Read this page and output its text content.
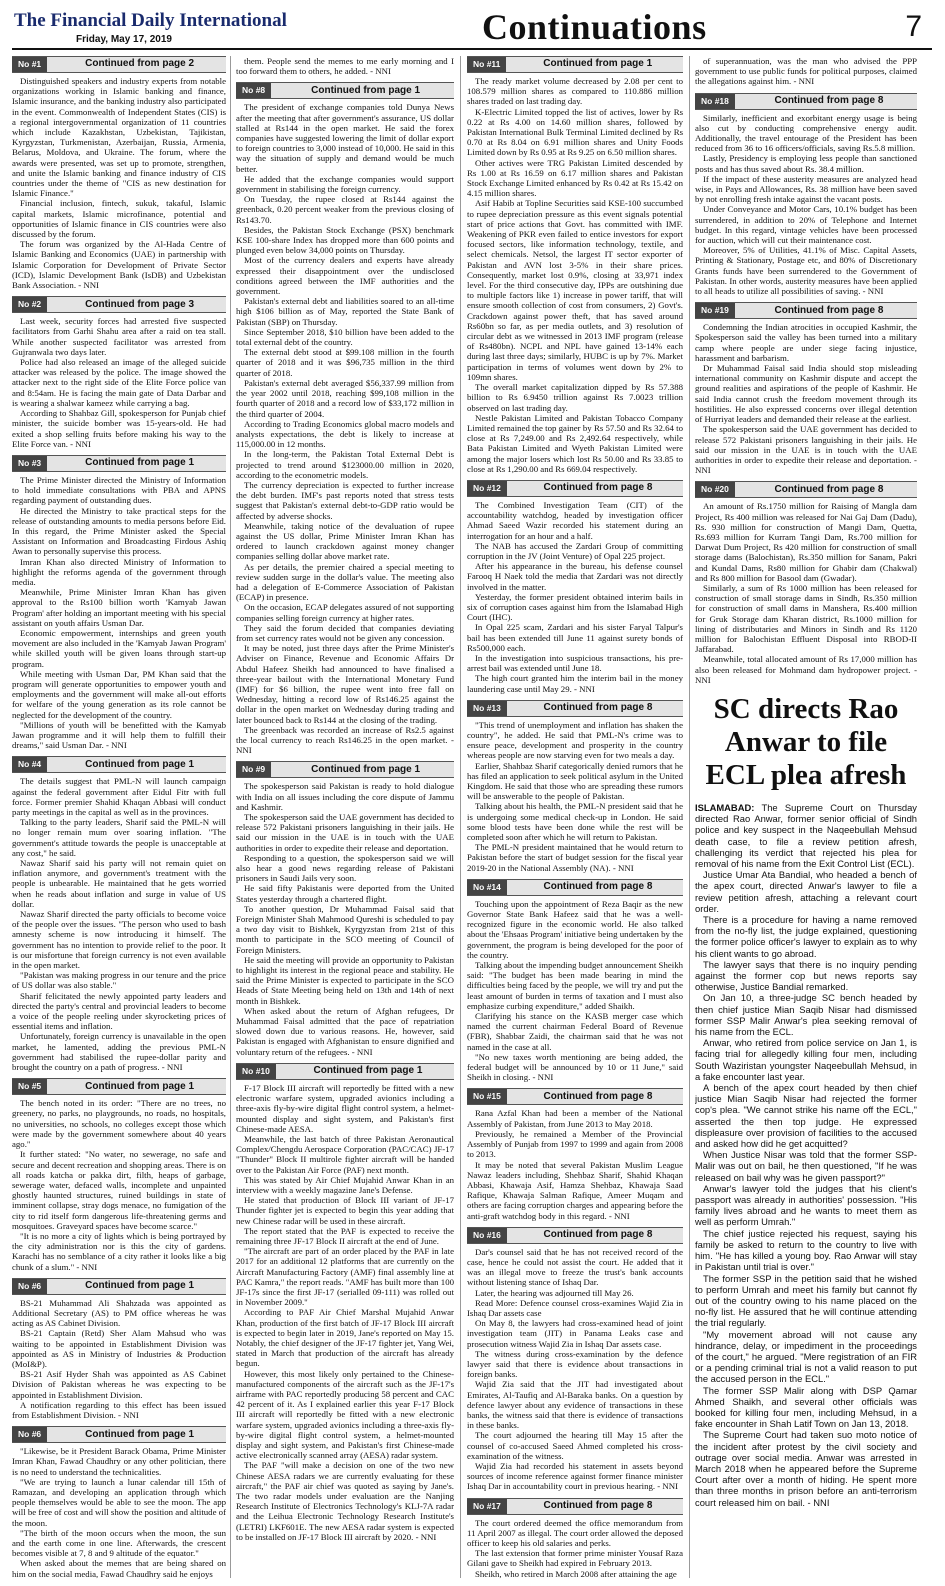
The Financial Daily International
Friday, May 17, 2019	Continuations	7
No #1	Continued from page 2

Distinguished speakers and industry experts from notable organizations working in Islamic banking and finance, Islamic insurance, and the banking industry also participated in the event. Commonwealth of Independent States (CIS) is a regional intergovernmental organization of 11 countries which include Kazakhstan, Uzbekistan, Tajikistan, Kyrgyzstan, Turkmenistan, Azerbaijan, Russia, Armenia, Belarus, Moldova, and Ukraine. The forum, where the awards were presented, was set up to promote, strengthen, and unite the Islamic banking and finance industry of CIS countries under the theme of "CIS as new destination for Islamic Finance."

Financial inclusion, fintech, sukuk, takaful, Islamic capital markets, Islamic microfinance, potential and opportunities of Islamic finance in CIS countries were also discussed by the forum.

The forum was organized by the Al-Hada Centre of Islamic Banking and Economics (UAE) in partnership with Islamic Corporation for Development of Private Sector (ICD), Islamic Development Bank (IsDB) and Uzbekistan Bank Association. - NNI

No #2	Continued from page 3

Last week, security forces had arrested five suspected facilitators from Garhi Shahu area after a raid on tea stall. While another suspected facilitator was arrested from Gujranwala two days later.

Police had also released an image of the alleged suicide attacker was released by the police. The image showed the attacker next to the right side of the Elite Force police van and 8:54am. He is facing the main gate of Data Darbar and is wearing a shalwar kameez while carrying a bag.

According to Shahbaz Gill, spokesperson for Punjab chief minister, the suicide bomber was 15-years-old. He had exited a shop selling fruits before making his way to the Elite Force van. - NNI

No #3	Continued from page 1

The Prime Minister directed the Ministry of Information to hold immediate consultations with PBA and APNS regarding payment of outstanding dues.

He directed the Ministry to take practical steps for the release of outstanding amounts to media persons before Eid. In this regard, the Prime Minister asked the Special Assistant on Information and Broadcasting Firdous Ashiq Awan to personally supervise this process.

Imran Khan also directed Ministry of Information to highlight the reforms agenda of the government through media.

Meanwhile, Prime Minister Imran Khan has given approval to the Rs100 billion worth 'Kamyab Jawan Program' after holding an important meeting with his special assistant on youth affairs Usman Dar.

Economic empowerment, internships and green youth movement are also included in the 'Kamyab Jawan Program' while skilled youth will be given loans through start-up program.

While meeting with Usman Dar, PM Khan said that the program will generate opportunities to empower youth and employments and the government will make all-out efforts for welfare of the young generation as its role cannot be neglected for the development of the country.

"Millions of youth will be benefitted with the Kamyab Jawan programme and it will help them to fulfill their dreams," said Usman Dar. - NNI

No #4	Continued from page 1

The details suggest that PML-N will launch campaign against the federal government after Eidul Fitr with full force. Former premier Shahid Khaqan Abbasi will conduct party meetings in the capital as well as in the provinces.

Talking to the party leaders, Sharif said the PML-N will no longer remain mum over soaring inflation. "The government's attitude towards the people is unacceptable at any cost," he said.

Nawaz Sharif said his party will not remain quiet on inflation anymore, and government's treatment with the people is unbearable. He maintained that he gets worried when he reads about inflation and surge in value of US dollar.

Nawaz Sharif directed the party officials to become voice of the people over the issues. "The person who used to bash amnesty scheme is now introducing it himself. The government has no intention to provide relief to the poor. It is our misfortune that foreign currency is not even available in the open market.

"Pakistan was making progress in our tenure and the price of US dollar was also stable."

Sharif felicitated the newly appointed party leaders and directed the party's central and provincial leaders to become a voice of the people reeling under skyrocketing prices of essential items and inflation.

Unfortunately, foreign currency is unavailable in the open market, he lamented, adding the previous PML-N government had stabilised the rupee-dollar parity and brought the country on a path of progress. - NNI

No #5	Continued from page 1

The bench noted in its order: "There are no trees, no greenery, no parks, no playgrounds, no roads, no hospitals, no universities, no schools, no colleges except those which were made by the government somewhere about 40 years ago."

It further stated: "No water, no sewerage, no safe and secure and decent recreation and shopping areas. There is on all roads katcha or pakka dirt, filth, heaps of garbage, sewerage water, defaced walls, incomplete and unpainted ghostly haunted structures, ruined buildings in state of imminent collapse, stray dogs menace, no fumigation of the city to rid itself form dangerous life-threatening germs and mosquitoes. Graveyard spaces have become scarce."

"It is no more a city of lights which is being portrayed by the city administration nor is this the city of gardens. Karachi has no semblance of a city rather it looks like a big chunk of a slum." - NNI

No #6	Continued from page 1

BS-21 Muhammad Ali Shahzada was appointed as Additional Secretary (AS) to PM office whereas he was acting as AS Cabinet Division.

BS-21 Captain (Retd) Sher Alam Mahsud who was waiting to be appointed in Establishment Division was appointed as AS in Ministry of Industries & Production (MoI&P).

BS-21 Asif Hyder Shah was appointed as AS Cabinet Division of Pakistan whereas he was expecting to be appointed in Establishment Division.

A notification regarding to this effect has been issued from Establishment Division. - NNI

No #6	Continued from page 1

"Likewise, be it President Barack Obama, Prime Minister Imran Khan, Fawad Chaudhry or any other politician, there is no need to understand the technicalities.

"We are trying to launch a lunar calendar till 15th of Ramazan, and developing an application through which people themselves would be able to see the moon. The app will be free of cost and will show the position and altitude of the moon.

"The birth of the moon occurs when the moon, the sun and the earth come in one line. Afterwards, the crescent becomes visible at 7, 8 and 9 altitude of the equator."

When asked about the memes that are being shared on him on the social media, Fawad Chaudhry said he enjoys

them. People send the memes to me early morning and I too forward them to others, he added. - NNI

No #8	Continued from page 1

The president of exchange companies told Dunya News after the meeting that after government's assurance, US dollar stalled at Rs144 in the open market. He said the forex companies have suggested lowering the limit of dollar export to foreign countries to 3,000 instead of 10,000. He said in this way the situation of supply and demand would be much better.

He added that the exchange companies would support government in stabilising the foreign currency.

On Tuesday, the rupee closed at Rs144 against the greenback, 0.20 percent weaker from the previous closing of Rs143.70.

Besides, the Pakistan Stock Exchange (PSX) benchmark KSE 100-share Index has dropped more than 600 points and plunged even below 34,000 points on Thursday.

Most of the currency dealers and experts have already expressed their disappointment over the undisclosed conditions agreed between the IMF authorities and the government.

Pakistan's external debt and liabilities soared to an all-time high $106 billion as of May, reported the State Bank of Pakistan (SBP) on Thursday.

Since September 2018, $10 billion have been added to the total external debt of the country.

The external debt stood at $99.108 million in the fourth quarter of 2018 and it was $96,735 million in the third quarter of 2018.

Pakistan's external debt averaged $56,337.99 million from the year 2002 until 2018, reaching $99,108 million in the fourth quarter of 2018 and a record low of $33,172 million in the third quarter of 2004.

According to Trading Economics global macro models and analysts expectations, the debt is likely to increase at 115,000.00 in 12 months.

In the long-term, the Pakistan Total External Debt is projected to trend around $123000.00 million in 2020, according to the econometric models.

The currency depreciation is expected to further increase the debt burden. IMF's past reports noted that stress tests suggest that Pakistan's external debt-to-GDP ratio would be affected by adverse shocks.

Meanwhile, taking notice of the devaluation of rupee against the US dollar, Prime Minister Imran Khan has ordered to launch crackdown against money changer companies selling dollar above market rate.

As per details, the premier chaired a special meeting to review sudden surge in the dollar's value. The meeting also had a delegation of E-Commerce Association of Pakistan (ECAP) in presence.

On the occasion, ECAP delegates assured of not supporting companies selling foreign currency at higher rates.

They said the forum decided that companies deviating from set currency rates would not be given any concession.

It may be noted, just three days after the Prime Minister's Adviser on Finance, Revenue and Economic Affairs Dr Abdul Hafeez Sheikh had announced to have finalised a three-year bailout with the International Monetary Fund (IMF) for $6 billion, the rupee went into free fall on Wednesday, hitting a record low of Rs146.25 against the dollar in the open market on Wednesday during trading and later bounced back to Rs144 at the closing of the trading.

The greenback was recorded an increase of Rs2.5 against the local currency to reach Rs146.25 in the open market. - NNI

No #9	Continued from page 1

The spokesperson said Pakistan is ready to hold dialogue with India on all issues including the core dispute of Jammu and Kashmir.

The spokesperson said the UAE government has decided to release 572 Pakistani prisoners languishing in their jails. He said our mission in the UAE is in touch with the UAE authorities in order to expedite their release and deportation.

Responding to a question, the spokesperson said we will also hear a good news regarding release of Pakistani prisoners in Saudi Jails very soon.

He said fifty Pakistanis were deported from the United States yesterday through a chartered flight.

To another question, Dr Muhammad Faisal said that Foreign Minister Shah Mahmood Qureshi is scheduled to pay a two day visit to Bishkek, Kyrgyzstan from 21st of this month to participate in the SCO meeting of Council of Foreign Ministers.

He said the meeting will provide an opportunity to Pakistan to highlight its interest in the regional peace and stability. He said the Prime Minister is expected to participate in the SCO Heads of State Meeting being held on 13th and 14th of next month in Bishkek.

When asked about the return of Afghan refugees, Dr Muhammad Faisal admitted that the pace of repatriation slowed down due to various reasons. He, however, said Pakistan is engaged with Afghanistan to ensure dignified and voluntary return of the refugees. - NNI

No #10	Continued from page 1

F-17 Block III aircraft will reportedly be fitted with a new electronic warfare system, upgraded avionics including a three-axis fly-by-wire digital flight control system, a helmet-mounted display and sight system, and Pakistan's first Chinese-made AESA.

Meanwhile, the last batch of three Pakistan Aeronautical Complex/Chengdu Aerospace Corporation (PAC/CAC) JF-17 "Thunder" Block II multirole fighter aircraft will be handed over to the Pakistan Air Force (PAF) next month.

This was stated by Air Chief Mujahid Anwar Khan in an interview with a weekly magazine Jane's Defense.

He stated that production of Block III variant of JF-17 Thunder fighter jet is expected to begin this year adding that new Chinese radar will be used in these aircraft.

The report stated that the PAF is expected to receive the remaining three JF-17 Block II aircraft at the end of June.

"The aircraft are part of an order placed by the PAF in late 2017 for an additional 12 platforms that are currently on the Aircraft Manufacturing Factory (AMF) final assembly line at PAC Kamra," the report reads. "AMF has built more than 100 JF-17s since the first JF-17 (serialled 09-111) was rolled out in November 2009."

According to PAF Air Chief Marshal Mujahid Anwar Khan, production of the first batch of JF-17 Block III aircraft is expected to begin later in 2019, Jane's reported on May 15. Notably, the chief designer of the JF-17 fighter jet, Yang Wei, stated in March that production of the aircraft has already begun.

However, this most likely only pertained to the Chinese-manufactured components of the aircraft such as the JF-17's airframe with PAC reportedly producing 58 percent and CAC 42 percent of it. As I explained earlier this year F-17 Block III aircraft will reportedly be fitted with a new electronic warfare system, upgraded avionics including a three-axis fly-by-wire digital flight control system, a helmet-mounted display and sight system, and Pakistan's first Chinese-made active electronically scanned array (AESA) radar system.

The PAF "will make a decision on one of the two new Chinese AESA radars we are currently evaluating for these aircraft," the PAF air chief was quoted as saying by Jane's. The two radar models under evaluation are the Nanjing Research Institute of Electronics Technology's KLJ-7A radar and the Leihua Electronic Technology Research Institute's (LETRI) LKF601E. The new AESA radar system is expected to be installed on JF-17 Block III aircraft by 2020. - NNI

No #11	Continued from page 1

The ready market volume decreased by 2.08 per cent to 108.579 million shares as compared to 110.886 million shares traded on last trading day.

K-Electric Limited topped the list of actives, lower by Rs 0.22 at Rs 4.00 on 14.60 million shares, followed by Pakistan International Bulk Terminal Limited declined by Rs 0.70 at Rs 8.04 on 6.91 million shares and Unity Foods Limited down by Rs 0.95 at Rs 9.25 on 6.50 million shares.

Other actives were TRG Pakistan Limited descended by Rs 1.00 at Rs 16.59 on 6.17 million shares and Pakistan Stock Exchange Limited enhanced by Rs 0.42 at Rs 15.42 on 4.15 million shares.

Asif Habib at Topline Securities said KSE-100 succumbed to rupee depreciation pressure as this event signals potential start of price actions that Govt. has committed with IMF. Weakening of PKR even failed to entice investors for export focused sectors, like information technology, textile, and select chemicals. Netsol, the largest IT sector exporter of Pakistan and AVN lost 3-5% in their share prices. Consequently, market lost 0.9%, closing at 33,971 index level. For the third consecutive day, IPPs are outshining due to multiple factors like 1) increase in power tariff, that will ensure smooth collection of cost from consumers, 2) Govt's. Crackdown against power theft, that has saved around Rs60bn so far, as per media outlets, and 3) resolution of circular debt as we witnessed in 2013 IMF program (release of Rs480bn). NCPL and NPL have gained 13-14% each during last three days; similarly, HUBC is up by 7%. Market participation in terms of volumes went down by 2% to 109mn shares.

The overall market capitalization dipped by Rs 57.388 billion to Rs 6.9450 trillion against Rs 7.0023 trillion observed on last trading day.

Nestle Pakistan Limited and Pakistan Tobacco Company Limited remained the top gainer by Rs 57.50 and Rs 32.64 to close at Rs 7,249.00 and Rs 2,492.64 respectively, while Bata Pakistan Limited and Wyeth Pakistan Limited were among the major losers which lost Rs 50.00 and Rs 33.85 to close at Rs 1,290.00 and Rs 669.04 respectively.

No #12	Continued from page 8

The Combined Investigation Team (CIT) of the accountability watchdog, headed by investigation officer Ahmad Saeed Wazir recorded his statement during an interrogation for an hour and a half.

The NAB has accused the Zardari Group of committing corruption in the JV (Joint Venture) of Opal 225 project.

After his appearance in the bureau, his defense counsel Farooq H Naek told the media that Zardari was not directly involved in the matter.

Yesterday, the former president obtained interim bails in six of corruption cases against him from the Islamabad High Court (IHC).

In Opal 225 scam, Zardari and his sister Faryal Talpur's bail has been extended till June 11 against surety bonds of Rs500,000 each.

In the investigation into suspicious transactions, his pre-arrest bail was extended until June 18.

The high court granted him the interim bail in the money laundering case until May 29. - NNI

No #13	Continued from page 8

"This trend of unemployment and inflation has shaken the country", he added. He said that PML-N's crime was to ensure peace, development and prosperity in the country whereas people are now starving even for two meals a day.

Earlier, Shahbaz Sharif categorically denied rumors that he has filed an application to seek political asylum in the United Kingdom. He said that those who are spreading these rumors will be answerable to the people of Pakistan.

Talking about his health, the PML-N president said that he is undergoing some medical check-up in London. He said some blood tests have been done while the rest will be completed soon after which he will return to Pakistan.

The PML-N president maintained that he would return to Pakistan before the start of budget session for the fiscal year 2019-20 in the National Assembly (NA). - NNI

No #14	Continued from page 8

Touching upon the appointment of Reza Baqir as the new Governor State Bank Hafeez said that he was a well-recognized figure in the economic world. He also talked about the 'Ehsaas Program' initiative being undertaken by the government, the program is being developed for the poor of the country.

Talking about the impending budget announcement Sheikh said: "The budget has been made bearing in mind the difficulties being faced by the people, we will try and put the least amount of burden in terms of taxation and I must also emphasize curbing expenditure," added Shaikh.

Clarifying his stance on the KASB merger case which named the current chairman Federal Board of Revenue (FBR), Shabbar Zaidi, the chairman said that he was not named in the case at all.

"No new taxes worth mentioning are being added, the federal budget will be announced by 10 or 11 June," said Sheikh in closing. - NNI

No #15	Continued from page 8

Rana Azfal Khan had been a member of the National Assembly of Pakistan, from June 2013 to May 2018.

Previously, he remained a Member of the Provincial Assembly of Punjab from 1997 to 1999 and again from 2008 to 2013.

It may be noted that several Pakistan Muslim League Nawaz leaders including, Shehbaz Sharif, Shahid Khaqan Abbasi, Khawaja Asif, Hamza Shehbaz, Khawaja Saad Rafique, Khawaja Salman Rafique, Ameer Muqam and others are facing corruption charges and appearing before the anti-graft watchdog body in this regard. - NNI

No #16	Continued from page 8

Dar's counsel said that he has not received record of the case, hence he could not assist the court. He added that it was an illegal move to freeze the trust's bank accounts without listening stance of Ishaq Dar.

Later, the hearing was adjourned till May 26.

Read More: Defence counsel cross-examines Wajid Zia in Ishaq Dar assets case

On May 8, the lawyers had cross-examined head of joint investigation team (JIT) in Panama Leaks case and prosecution witness Wajid Zia in Ishaq Dar assets case.

The witness during cross-examination by the defence lawyer said that there is evidence about transactions in foreign banks.

Wajid Zia said that the JIT had investigated about Emirates, Al-Taufiq and Al-Baraka banks. On a question by defence lawyer about any evidence of transactions in these banks, the witness said that there is evidence of transactions in these banks.

The court adjourned the hearing till May 15 after the counsel of co-accused Saeed Ahmed completed his cross-examination of the witness.

Wajid Zia had recorded his statement in assets beyond sources of income reference against former finance minister Ishaq Dar in accountability court in previous hearing. - NNI

No #17	Continued from page 8

The court ordered deemed the office memorandum from 11 April 2007 as illegal. The court order allowed the deposed officer to keep his old salaries and perks.

The last extension that former prime minister Yousaf Raza Gilani gave to Sheikh had expired in February 2013.

Sheikh, who retired in March 2008 after attaining the age

of superannuation, was the man who advised the PPP government to use public funds for political purposes, claimed the allegations against him. - NNI

No #18	Continued from page 8

Similarly, inefficient and exorbitant energy usage is being also cut by conducting comprehensive energy audit. Additionally, the travel entourage of the President has been reduced from 36 to 16 officers/officials, saving Rs.5.8 million.

Lastly, Presidency is employing less people than sanctioned posts and has thus saved about Rs. 38.4 million.

If the impact of these austerity measures are analyzed head wise, in Pays and Allowances, Rs. 38 million have been saved by not enrolling fresh intake against the vacant posts.

Under Conveyance and Motor Cars, 10.1% budget has been surrendered, in addition to 20% of Telephone and Internet budget. In this regard, vintage vehicles have been processed for auction, which will cut their maintenance cost.

Moreover, 5% of Utilities, 41.1% of Misc. Capital Assets, Printing & Stationary, Postage etc, and 80% of Discretionary Grants funds have been surrendered to the Government of Pakistan. In other words, austerity measures have been applied to all heads to utilize all possibilities of saving. - NNI

No #19	Continued from page 8

Condemning the Indian atrocities in occupied Kashmir, the Spokesperson said the valley has been turned into a military camp where people are under siege facing injustice, harassment and barbarism.

Dr Muhammad Faisal said India should stop misleading international community on Kashmir dispute and accept the ground realities and aspirations of the people of Kashmir. He said India cannot crush the freedom movement through its hostilities. He also expressed concerns over illegal detention of Hurriyat leaders and demanded their release at the earliest.

The spokesperson said the UAE government has decided to release 572 Pakistani prisoners languishing in their jails. He said our mission in the UAE is in touch with the UAE authorities in order to expedite their release and deportation. - NNI

No #20	Continued from page 8

An amount of Rs.1750 million for Raising of Mangla dam Project, Rs 400 million was released for Nai Gaj Dam (Dadu), Rs. 930 million for construction of Mangi Dam, Quetta, Rs.693 million for Kurram Tangi Dam, Rs.700 million for Darwat Dum Project, Rs 420 million for construction of small storage dams (Balochistan), Rs.350 million for Sanam, Pakri and Kundal Dams, Rs80 million for Ghabir dam (Chakwal) and Rs 800 million for Basool dam (Gwadar).

Similarly, a sum of Rs 1000 million has been released for construction of small storage dams in Sindh, Rs.350 million for construction of small dams in Manshera, Rs.400 million for Gruk Storage dam Kharan district, Rs.1000 million for lining of distributaries and Minors in Sindh and Rs 1120 million for Balochistan Effluent Disposal into RBOD-II Jaffarabad.

Meanwhile, total allocated amount of Rs 17,000 million has also been released for Mohmand dam hydropower project. - NNI

SC directs Rao Anwar to file ECL plea afresh

ISLAMABAD: The Supreme Court on Thursday directed Rao Anwar, former senior official of Sindh police and key suspect in the Naqeebullah Mehsud death case, to file a review petition afresh, challenging its verdict that rejected his plea for removal of his name from the Exit Control List (ECL).

Justice Umar Ata Bandial, who headed a bench of the apex court, directed Anwar's lawyer to file a review petition afresh, attaching a relevant court order.

There is a procedure for having a name removed from the no-fly list, the judge explained, questioning the former police officer's lawyer to explain as to why his client wants to go abroad.

The lawyer says that there is no inquiry pending against the former cop but news reports say otherwise, Justice Bandial remarked.

On Jan 10, a three-judge SC bench headed by then chief justice Mian Saqib Nisar had dismissed former SSP Malir Anwar's plea seeking removal of his name from the ECL.

Anwar, who retired from police service on Jan 1, is facing trial for allegedly killing four men, including South Waziristan youngster Naqeebullah Mehsud, in a fake encounter last year.

A bench of the apex court headed by then chief justice Mian Saqib Nisar had rejected the former cop's plea. "We cannot strike his name off the ECL," asserted the then top judge. He expressed displeasure over provision of facilities to the accused and asked how did he get acquitted?

When Justice Nisar was told that the former SSP-Malir was out on bail, he then questioned, "If he was released on bail why was he given passport?"

Anwar's lawyer told the judges that his client's passport was already in authorities' possession. "His family lives abroad and he wants to meet them as well as perform Umrah."

The chief justice rejected his request, saying his family be asked to return to the country to live with him. "He has killed a young boy. Rao Anwar will stay in Pakistan until trial is over."

The former SSP in the petition said that he wished to perform Umrah and meet his family but cannot fly out of the country owing to his name placed on the no-fly list. He assured that he will continue attending the trial regularly.

"My movement abroad will not cause any hindrance, delay, or impediment in the proceedings of the court," he argued. "Mere registration of an FIR or a pending criminal trial is not a valid reason to put the accused person in the ECL."

The former SSP Malir along with DSP Qamar Ahmed Shaikh, and several other officials was booked for killing four men, including Mehsud, in a fake encounter in Shah Latif Town on Jan 13, 2018.

The Supreme Court had taken suo moto notice of the incident after protest by the civil society and outrage over social media. Anwar was arrested in March 2018 when he appeared before the Supreme Court after over a month of hiding. He spent more than three months in prison before an anti-terrorism court released him on bail. - NNI
